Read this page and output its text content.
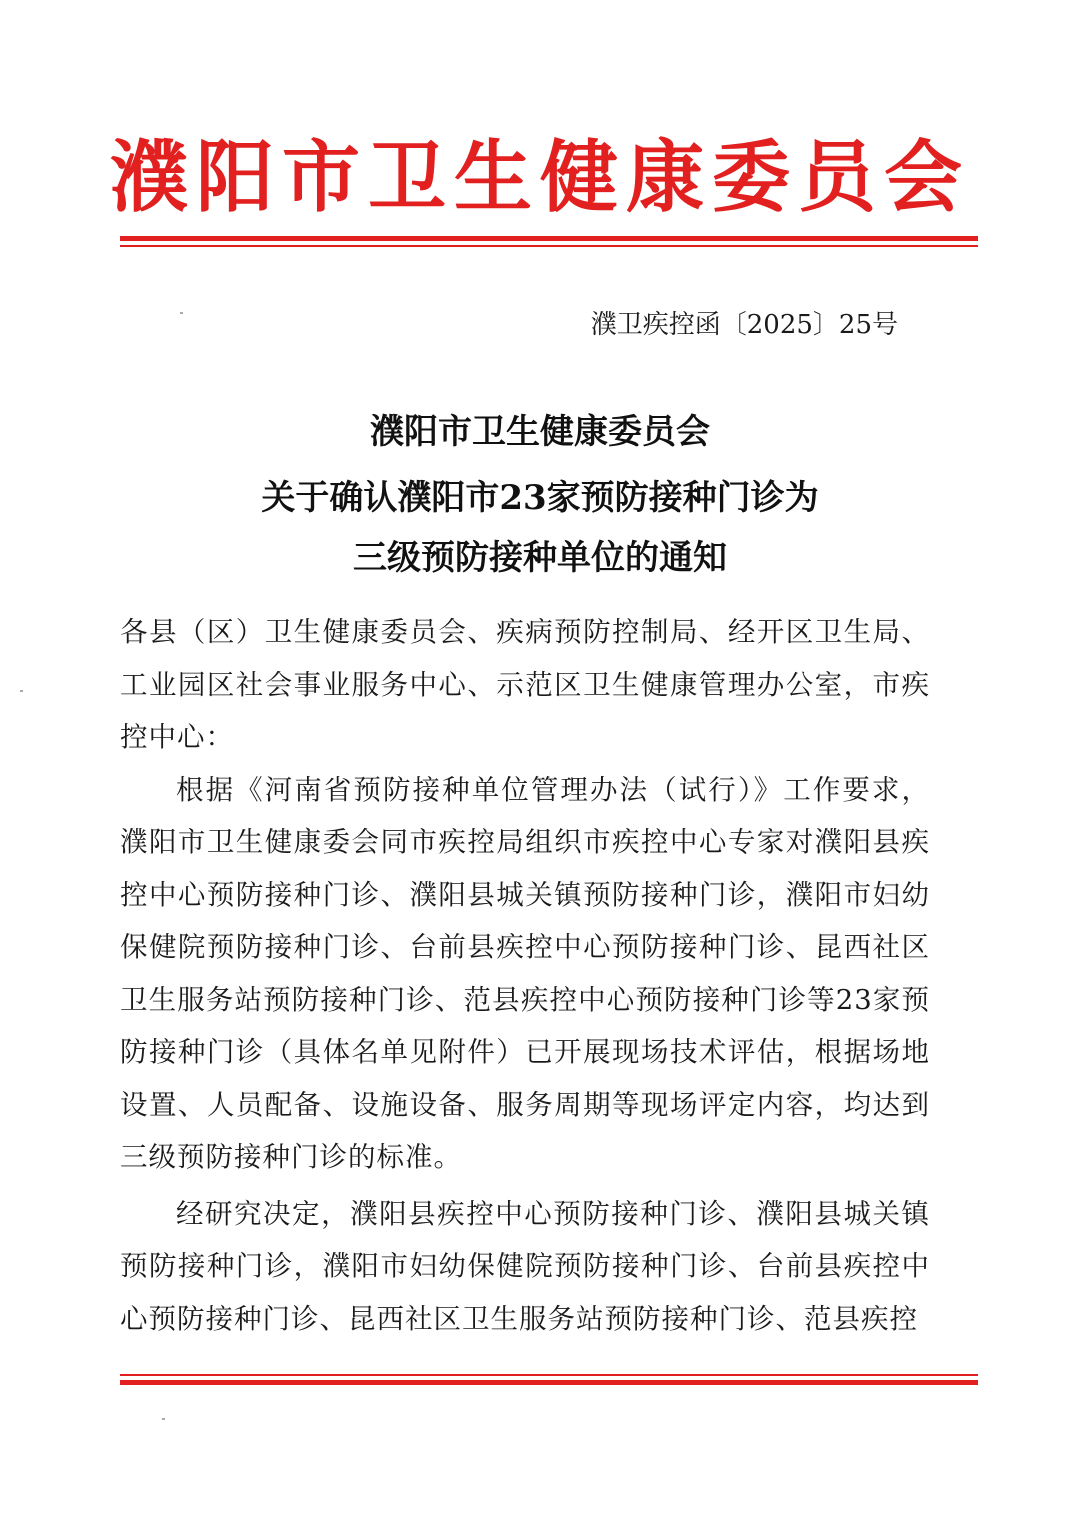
濮阳市卫生健康委员会
濮卫疾控函〔2025〕25号
濮阳市卫生健康委员会
关于确认濮阳市23家预防接种门诊为
三级预防接种单位的通知

各县（区）卫生健康委员会、疾病预防控制局、经开区卫生局、工业园区社会事业服务中心、示范区卫生健康管理办公室，市疾控中心：

根据《河南省预防接种单位管理办法（试行）》工作要求，濮阳市卫生健康委会同市疾控局组织市疾控中心专家对濮阳县疾控中心预防接种门诊、濮阳县城关镇预防接种门诊，濮阳市妇幼保健院预防接种门诊、台前县疾控中心预防接种门诊、昆西社区卫生服务站预防接种门诊、范县疾控中心预防接种门诊等23家预防接种门诊（具体名单见附件）已开展现场技术评估，根据场地设置、人员配备、设施设备、服务周期等现场评定内容，均达到三级预防接种门诊的标准。

经研究决定，濮阳县疾控中心预防接种门诊、濮阳县城关镇预防接种门诊，濮阳市妇幼保健院预防接种门诊、台前县疾控中心预防接种门诊、昆西社区卫生服务站预防接种门诊、范县疾控
